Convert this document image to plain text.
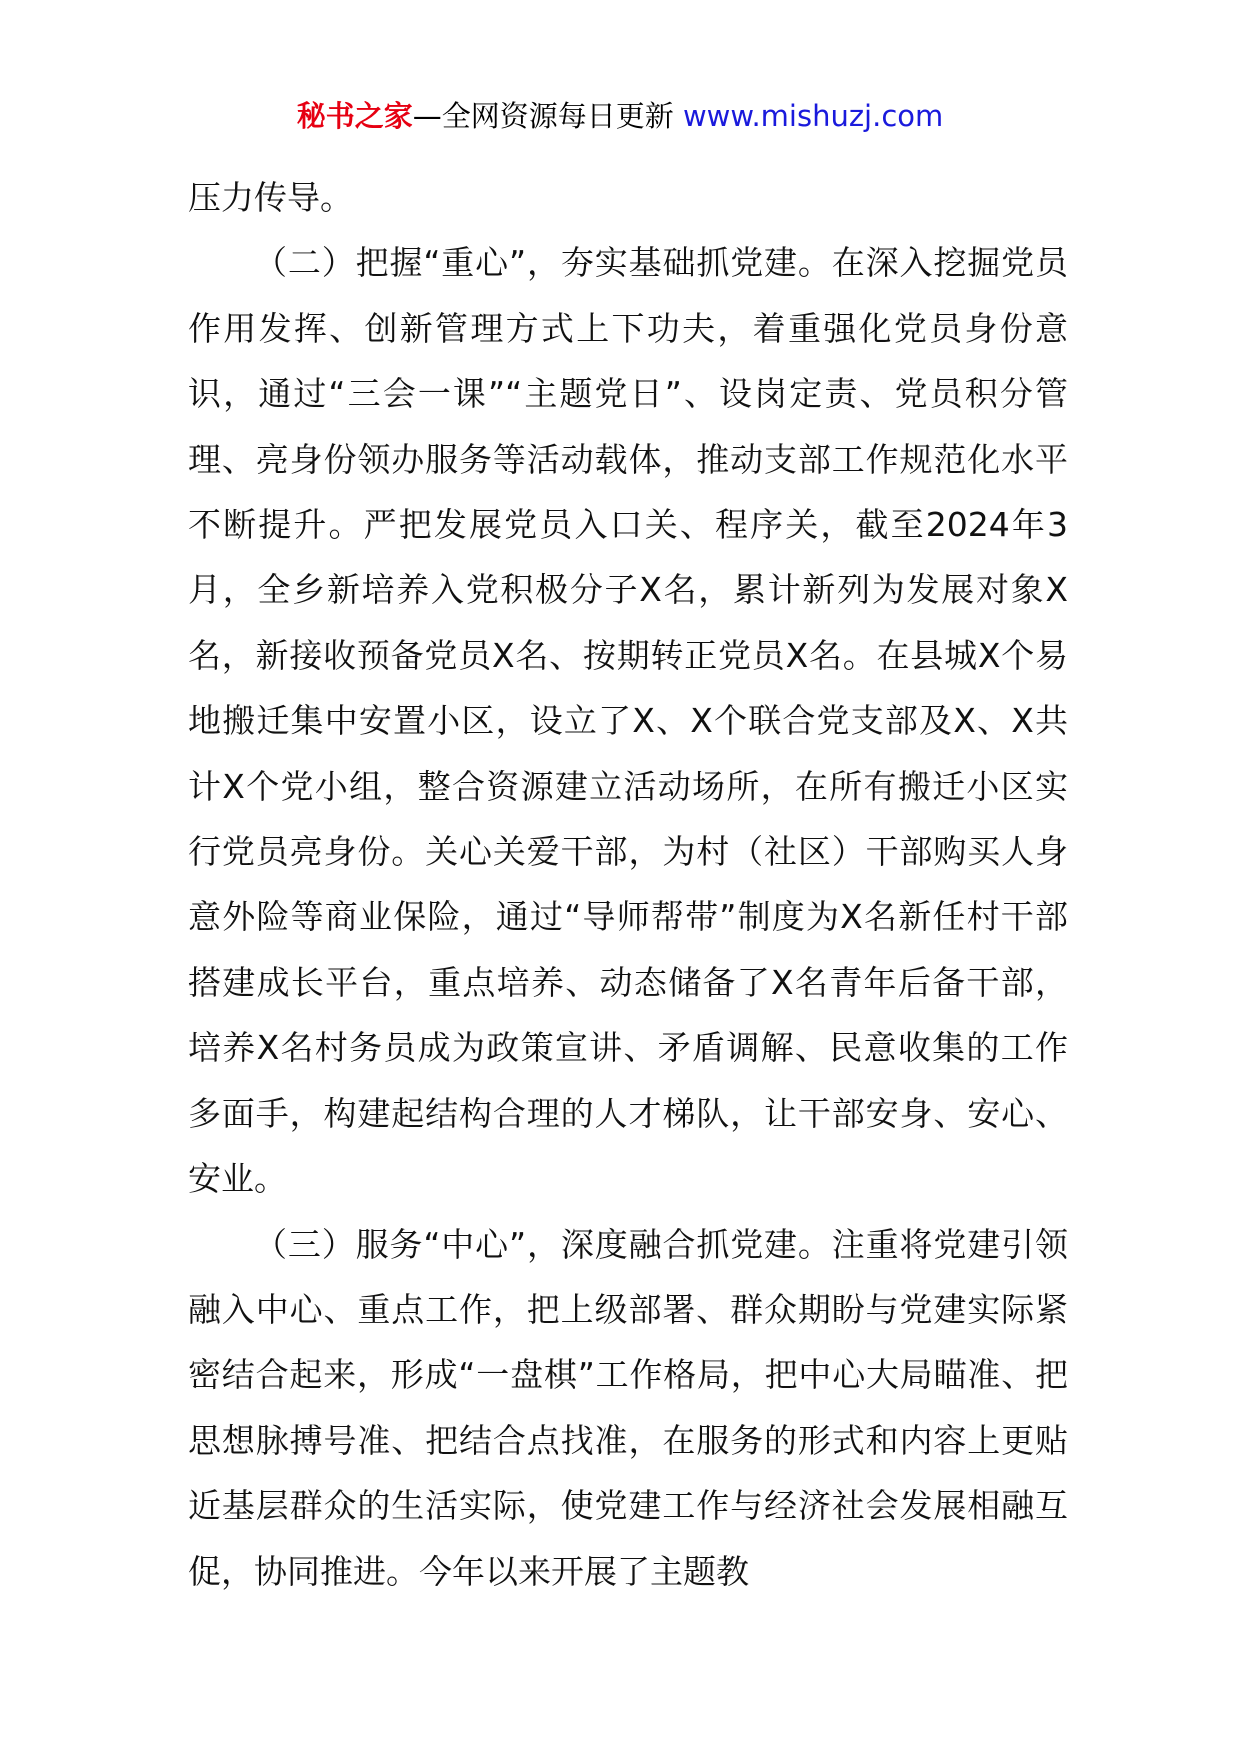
秘书之家—全网资源每日更新 www.mishuzj.com

压力传导。

（二）把握“重心”，夯实基础抓党建。在深入挖掘党员作用发挥、创新管理方式上下功夫，着重强化党员身份意识，通过“三会一课”“主题党日”、设岗定责、党员积分管理、亮身份领办服务等活动载体，推动支部工作规范化水平不断提升。严把发展党员入口关、程序关，截至2024年3月，全乡新培养入党积极分子X名，累计新列为发展对象X名，新接收预备党员X名、按期转正党员X名。在县城X个易地搬迁集中安置小区，设立了X、X个联合党支部及X、X共计X个党小组，整合资源建立活动场所，在所有搬迁小区实行党员亮身份。关心关爱干部，为村（社区）干部购买人身意外险等商业保险，通过“导师帮带”制度为X名新任村干部搭建成长平台，重点培养、动态储备了X名青年后备干部，培养X名村务员成为政策宣讲、矛盾调解、民意收集的工作多面手，构建起结构合理的人才梯队，让干部安身、安心、安业。

（三）服务“中心”，深度融合抓党建。注重将党建引领融入中心、重点工作，把上级部署、群众期盼与党建实际紧密结合起来，形成“一盘棋”工作格局，把中心大局瞄准、把思想脉搏号准、把结合点找准，在服务的形式和内容上更贴近基层群众的生活实际，使党建工作与经济社会发展相融互促，协同推进。今年以来开展了主题教
